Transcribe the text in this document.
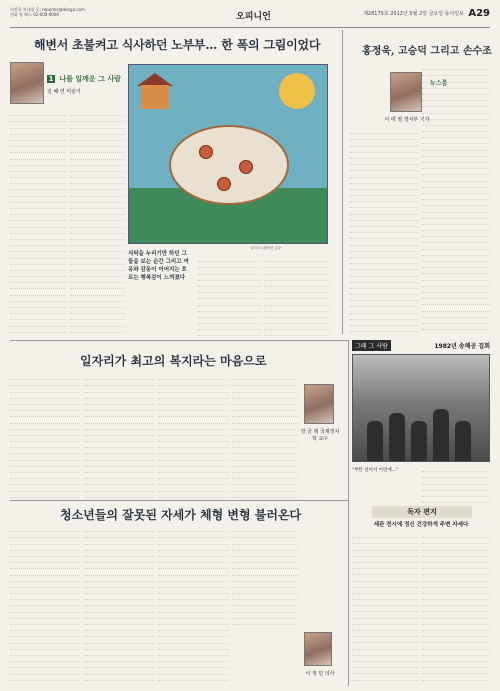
의견을 보내실 곳: reporter@donga.com
전화 및 팩스 02-000-0000	오피니언	제28175호 2012년 5월 2일 금요일 동아일보 A29
해변서 초불켜고 식사하던 노부부… 한 폭의 그림이었다
1 나를 일깨운 그 사람
김 혜 연 미술가
일러스트레이션 김순
식탁을 누리기만 하던 그들을 보는 순간 그리고 여유와 감동이 이어지는 흐르는 행복감이 느껴졌다
홍정욱, 고승덕 그리고 손수조
뉴스룸
이 태 영 정치부 기자
일자리가 최고의 복지라는 마음으로
장 금 래 국제정치학 교수
그때 그 사람	1982년 송해공 집회
"부탄 실어서 어린애…"
청소년들의 잘못된 자세가 체형 변형 불러온다
이 정 민 의사
독자 편지
세관 전시에 정신 건강하게 주변 자세다
